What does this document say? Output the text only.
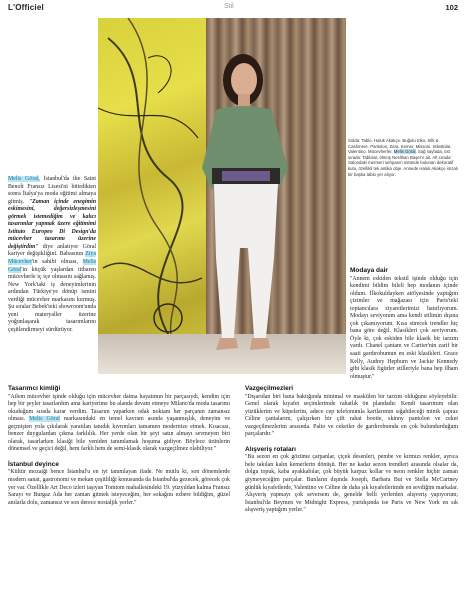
L'Officiel	Stil	102
Solda: Tablo, Haluk Akakçe. Buğulu triko, Silk & Cashmere. Pantolon, Zara. Kemer, Missoni. Stilettolar, Valentino. Mücevherler, Melis Göral. Sağ sayfada, üst sırada: Tablolar, ölmüş Neslihan Başer'e ait. Alt sırada: Salondaki mermeri sehpanın üstünde bulunan dekoratif kutu, özellikli tek antika obje. Annede Haluk Akakçe imzalı bir başka tablo yer alıyor.
Melis Göral, İstanbul'da the Saint Benoît Fransız Lisesi'ni bitirdikten sonra İtalya'ya moda eğitimi almaya gitmiş. "Zaman içinde enegimin eskimesini, değersizleşmesini görmek istemediğim ve kalıcı tasarımlar yapmak üzere eğitimimi Istituto Europeo Di Design'da mücevher tasarımı üzerine değiştirdim" diye anlatıyor Göral kariyer değişikliğini. Babasının Ziya Mücevher'in sahibi olması, Melis Göral'in küçük yaşlardan itibaren mücevherle iç içe olmasını sağlamış. New York'taki iş deneyimlerinin ardından Türkiye'ye dönüp ismini verdiği mücevher markasını kurmuş. Şu sıralar Bebek'teki showroom'unda yeni materyaller üzerine yoğunlaşarak tasarımlarını çeşitlendirmeyi sürdürüyor.
Modaya dair

"Annem eskiden tekstil işinde olduğu için kendimi bildim bileli hep modanın içinde oldum. İlkokuldayken atölyesinde yaptığım çizimler ve mağazası için Paris'teki toptancılara ziyaretlerimizi hatırlıyorum. Modayı seviyorum ama kendi stilimin dışına çok çıkamıyorum. Kısa sürecek trendler hiç bana göre değil. Klasikleri çok seviyorum. Öyle ki, çok eskiden bile klasik bir tarzım vardı. Chanel çantam ve Cartier'nin zarif bir saati gardırobumun en eski klasikleri. Grace Kelly, Audrey Hepburn ve Jackie Kennedy gibi klasik figürler stilleriyle bana hep ilham olmuştur."

Tasarımcı kimliği

"Ailem mücevher işinde olduğu için mücevher daima hayatımın bir parçasıydı, kendim için hep bir şeyler tasarlardım ama kariyerime bu alanda devam etmeye Milano'da moda tasarımı okuduğum sırada karar verdim. Tasarım yaparken odak noktam her parçanın zamansız olması. Melis Göral markasındaki en temel kavram asında yaşanmışlık, deneyim ve geçmişten yola çıkılarak yaratılan tanıdık kıvrımları tamamen modernize etmek. Kısacası, benzer duygulardan çıkma farklılık. Her yerde olan bir şeyi satın almayı sevmeyen biri olarak, tasarlarken klasiği bile yeniden tanımlamak hoşuma gidiyor. Böylece ürünlerin dönemsel ve geçici değil, hem farklı hem de semi-klasik olarak vazgeçilmez olabiliyor."

İstanbul deyince

"Kültür mozaiği bence İstanbul'u en iyi tanımlayan ifade. Ne mutlu ki, son dönemlerde modern sanat, gastronomi ve mekan çeşitliliği konusunda da İstanbul'da gezecek, görecek çok yer var. Özellikle Art Deco izleri taşıyan Tomtom mahallesindeki 19. yüzyıldan kalma Fransız Sarayı ve Burgaz Ada her zaman gitmek isteyeceğim, her sokağını ezbere bildiğim, güzel anılarla dolu, zamansız ve son derece nostaljik yerler."

Vazgeçilmezleri

"Dışarıdan biri bana baktığında minimal ve maskülen bir tarzım olduğunu söyleyebilir. Genel olarak kıyafet seçimlerimde rahatlık ön plandadır. Kendi tasarımım olan yüzüklerim ve küpelerim, adece cep telefonumla kartlarımın sığabileceği minik çapraz Céline çantalarım, çalışırken bir çift rahat bootie, skinny pantolon ve ceket vazgeçilmezlerim arasında. Palto ve ceketler de gardırobumda en çok bulundurduğum parçalardır."

Alışveriş rotaları

"Bu sezon en çok gözüme çarpanlar, çiçek desenleri, pembe ve kırmızı renkler, ayrıca bele takılan kalın kemerlerin dönüşü. Her ne kadar sezon trendleri arasında olsalar da, dolgu topuk, kaba ayakkabılar, çok büyük karpuz kollar ve neon renkler hiçbir zaman giymeyeceğim parçalar. Bunların dışında Joseph, Barbara Bui ve Stella McCartney günlük kıyafetlerde, Valentino ve Céline de daha şık kıyafetlerimde en sevdiğim markalar. Alışveriş yapmayı çok seversem de, genelde belli yerlerden alışveriş yapıyorum; İstanbul'da Beymen ve Midnight Express, yurtdışında ise Paris ve New York en sık alışveriş yaptığım yerler."
